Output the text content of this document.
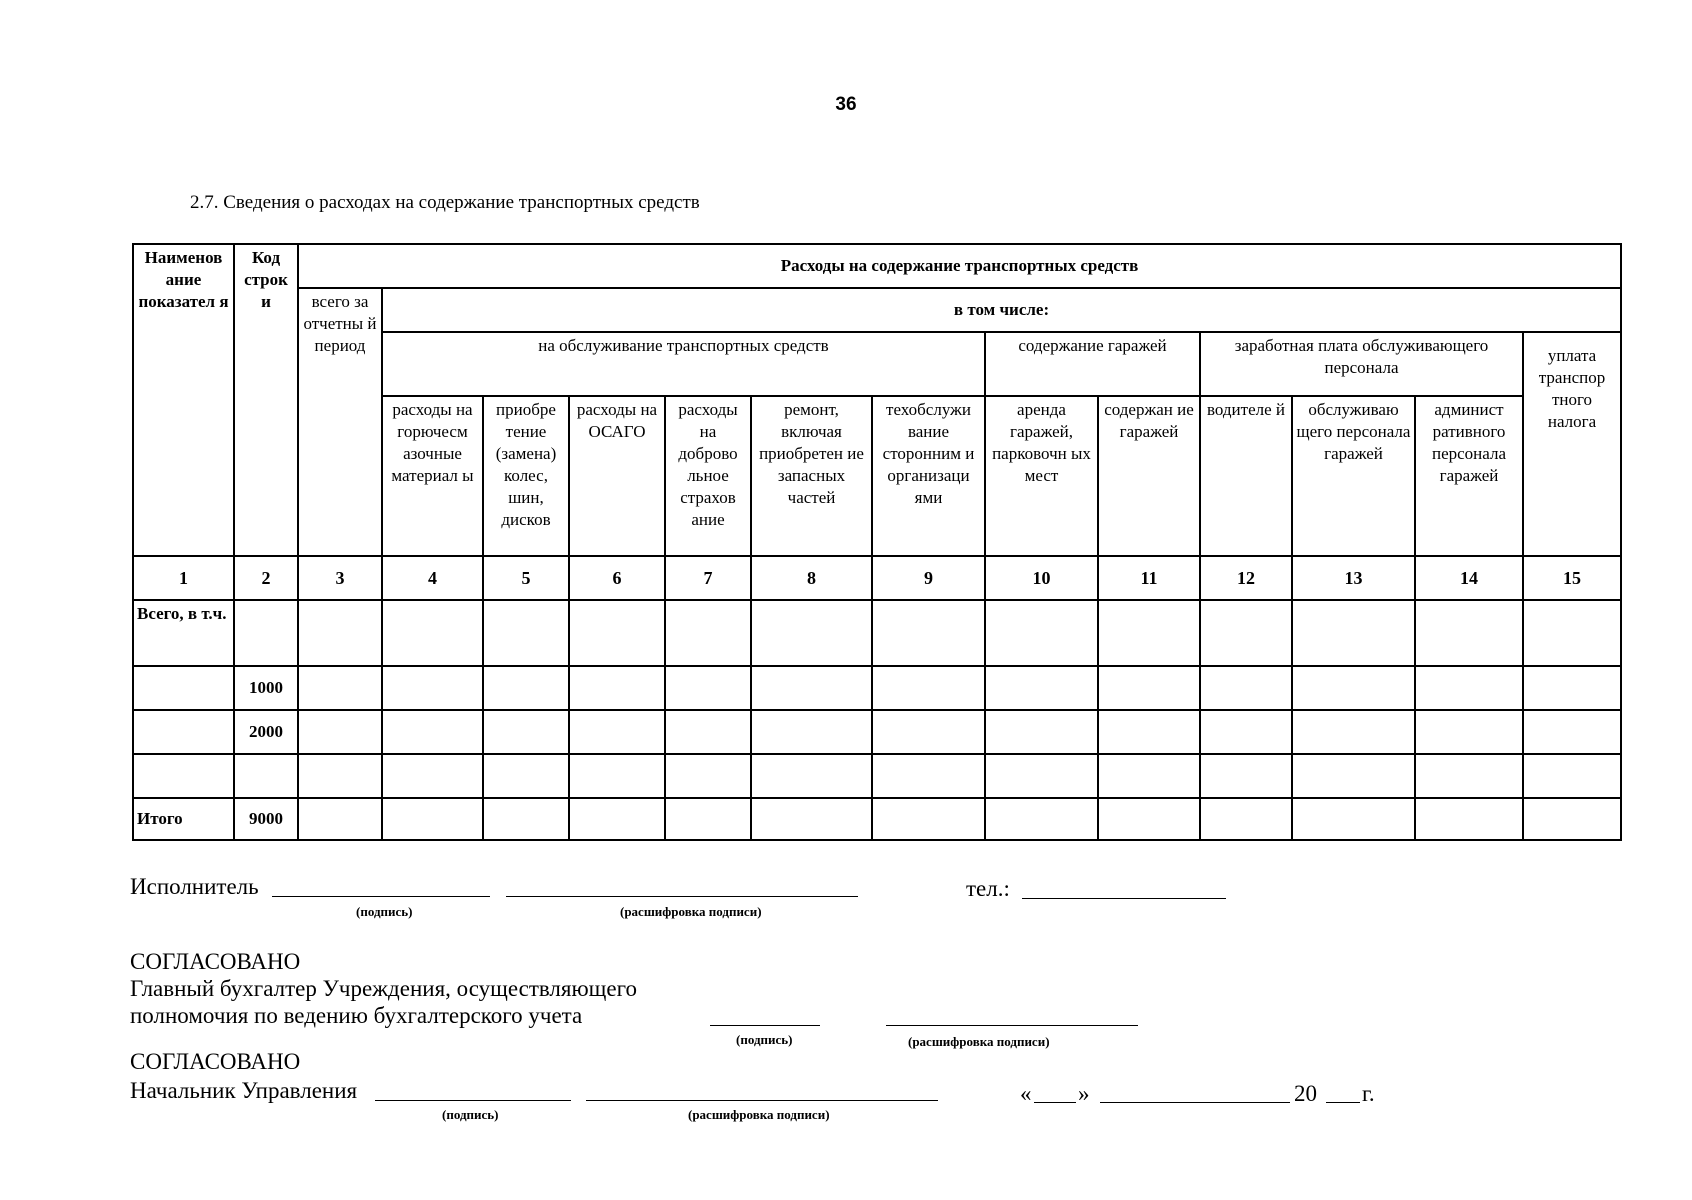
36
2.7. Сведения о расходах на содержание транспортных средств
Наименов ание показател я	Код строк и	Расходы на содержание транспортных средств												
		всего за отчетны й период	в том числе:											
			на обслуживание транспортных средств						содержание гаражей		заработная плата обслуживающего персонала			уплата транспор тного налога
			расходы на горючесм азочные материал ы	приобре тение (замена) колес, шин, дисков	расходы на ОСАГО	расходы на доброво льное страхов ание	ремонт, включая приобретен ие запасных частей	техобслужи вание сторонним и организаци ями	аренда гаражей, парковочн ых мест	содержан ие гаражей	водителе й	обслуживаю щего персонала гаражей	админист ративного персонала гаражей	
1	2	3	4	5	6	7	8	9	10	11	12	13	14	15
Всего, в т.ч.														
	1000													
	2000													

Итого	9000													
Исполнитель
(подпись)	(расшифровка подписи)
тел.:
СОГЛАСОВАНО
Главный бухгалтер Учреждения, осуществляющего
полномочия по ведению бухгалтерского учета
(подпись)	(расшифровка подписи)
СОГЛАСОВАНО
Начальник Управления
(подпись)	(расшифровка подписи)
« »	20 г.
